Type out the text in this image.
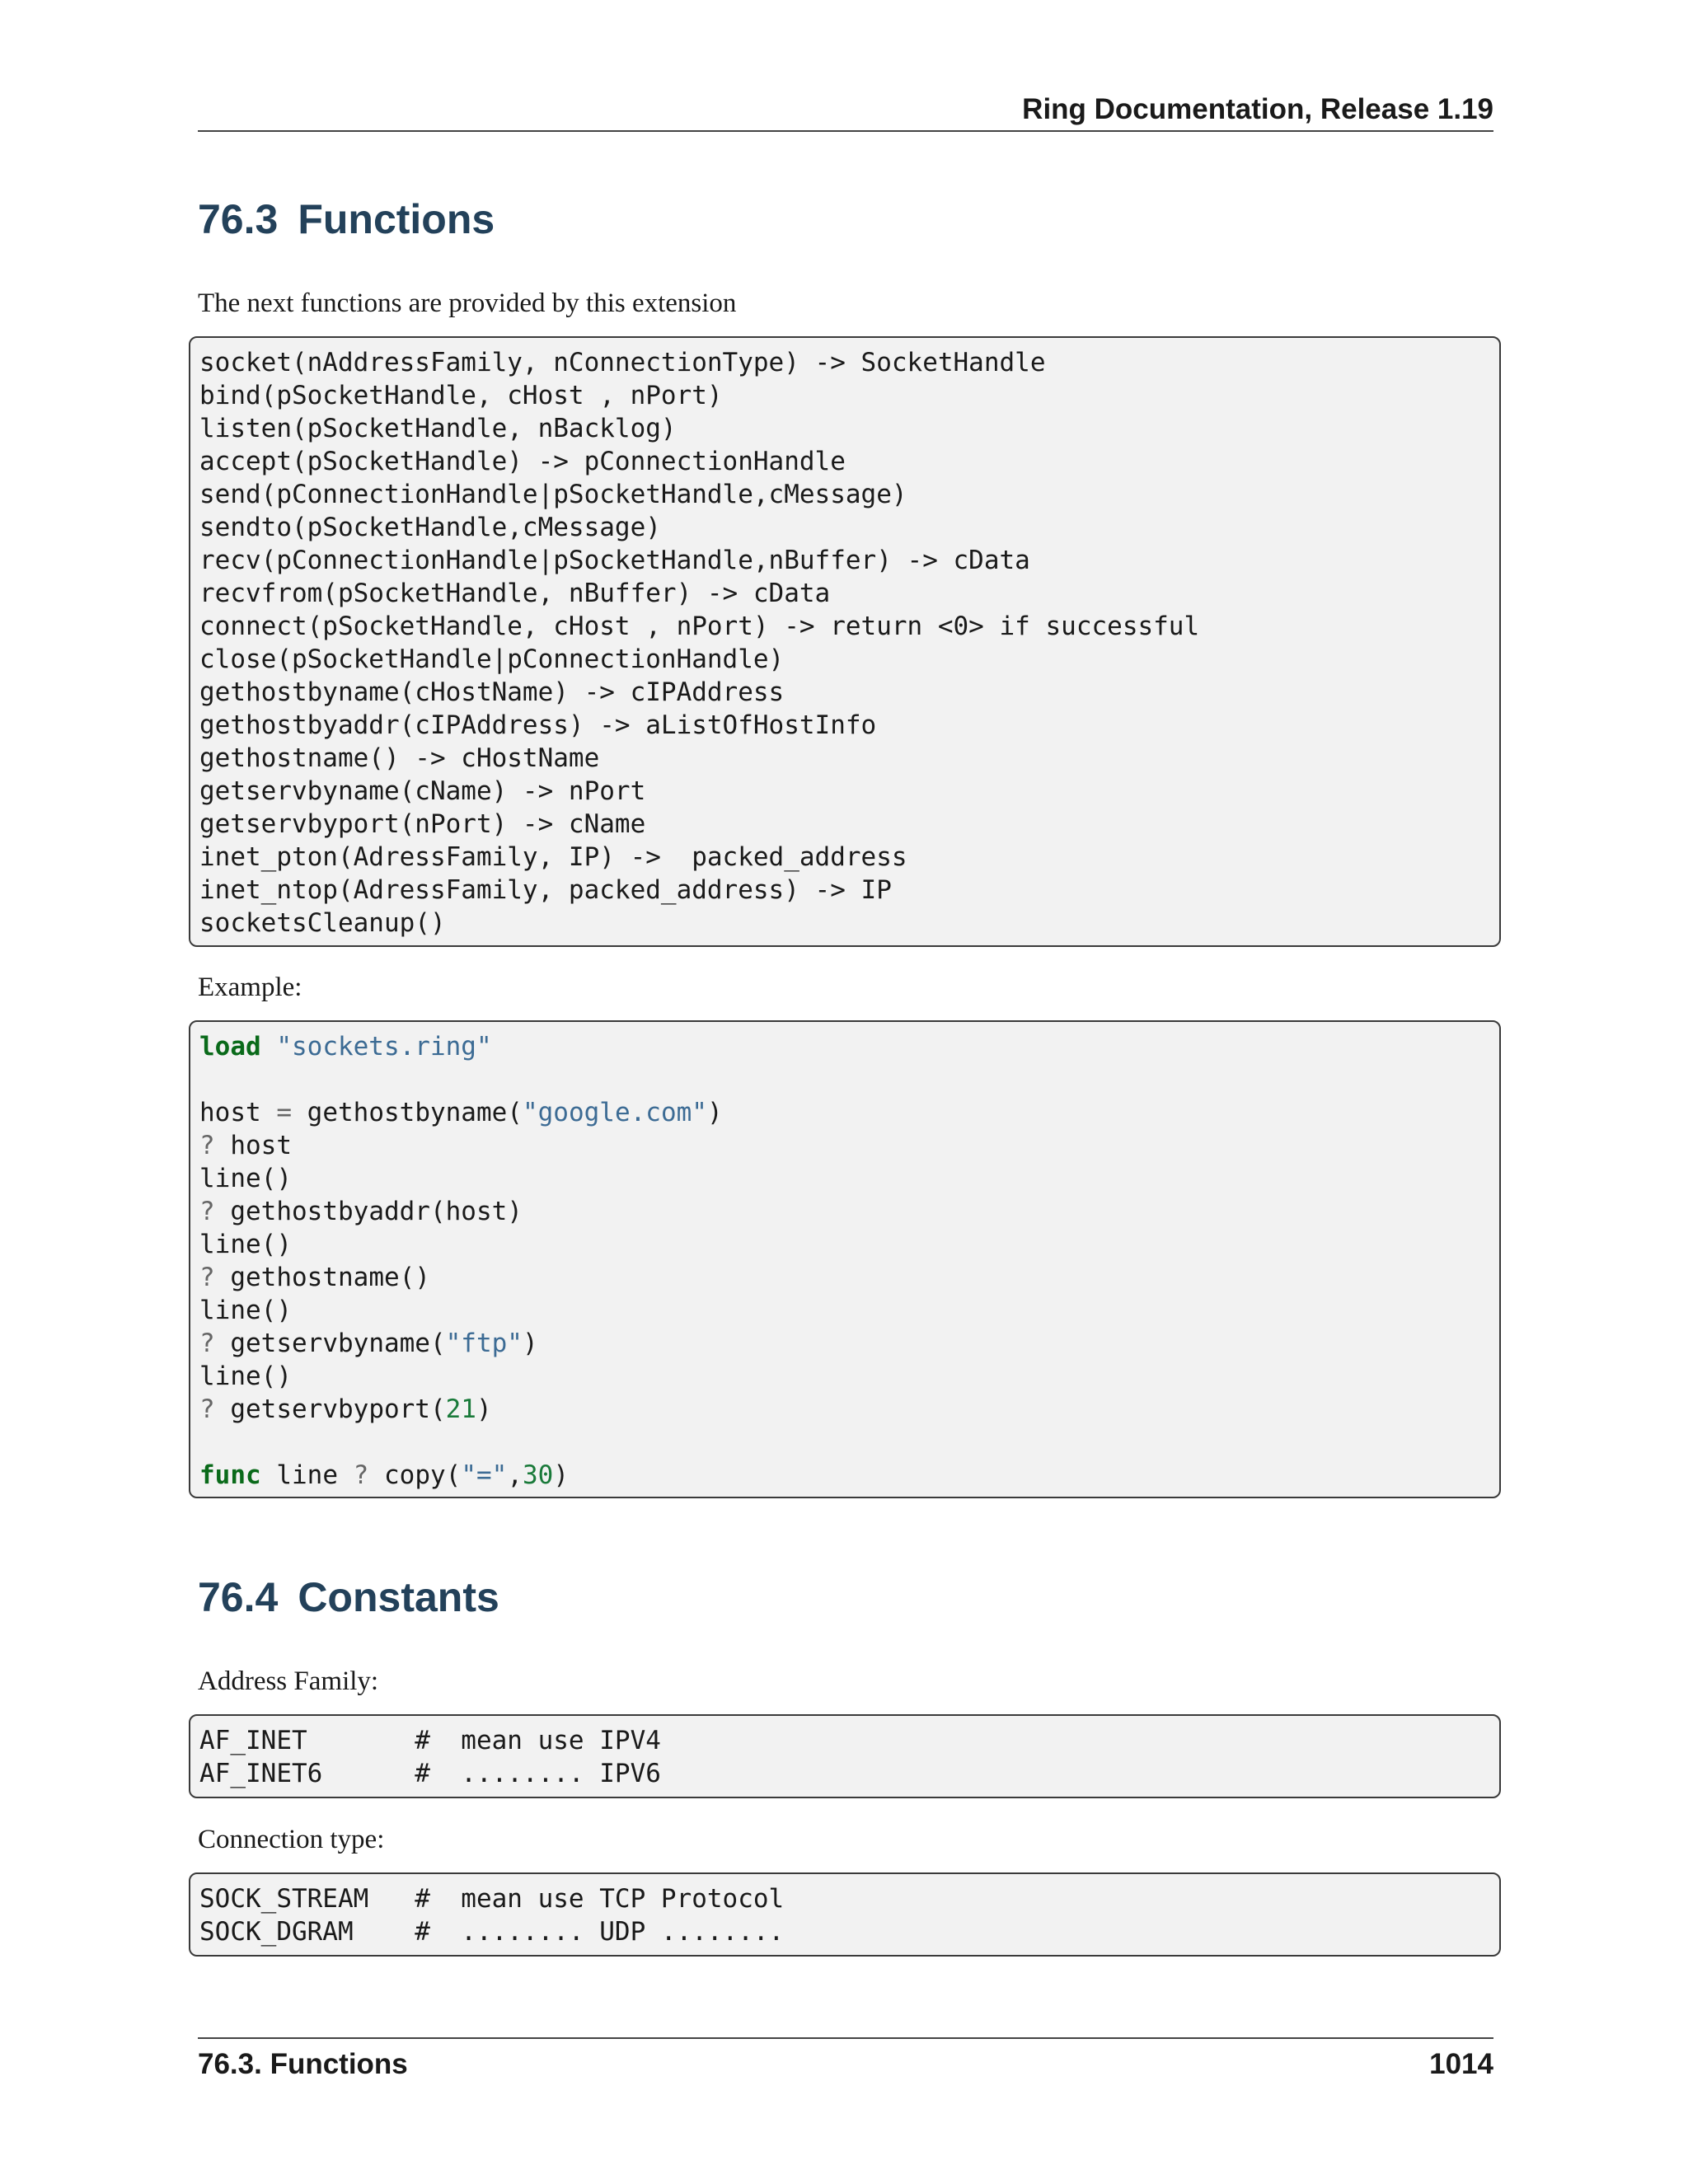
Ring Documentation, Release 1.19
76.3 Functions

The next functions are provided by this extension

socket(nAddressFamily, nConnectionType) -> SocketHandle
bind(pSocketHandle, cHost , nPort)
listen(pSocketHandle, nBacklog)
accept(pSocketHandle) -> pConnectionHandle
send(pConnectionHandle|pSocketHandle,cMessage)
sendto(pSocketHandle,cMessage)
recv(pConnectionHandle|pSocketHandle,nBuffer) -> cData
recvfrom(pSocketHandle, nBuffer) -> cData
connect(pSocketHandle, cHost , nPort) -> return <0> if successful
close(pSocketHandle|pConnectionHandle)
gethostbyname(cHostName) -> cIPAddress
gethostbyaddr(cIPAddress) -> aListOfHostInfo
gethostname() -> cHostName
getservbyname(cName) -> nPort
getservbyport(nPort) -> cName
inet_pton(AdressFamily, IP) ->  packed_address
inet_ntop(AdressFamily, packed_address) -> IP
socketsCleanup()

Example:

load "sockets.ring"

host = gethostbyname("google.com")
? host
line()
? gethostbyaddr(host)
line()
? gethostname()
line()
? getservbyname("ftp")
line()
? getservbyport(21)

func line ? copy("=",30)
76.4 Constants

Address Family:

AF_INET       #  mean use IPV4
AF_INET6      #  ........ IPV6

Connection type:

SOCK_STREAM   #  mean use TCP Protocol
SOCK_DGRAM    #  ........ UDP ........
76.3. Functions	1014
